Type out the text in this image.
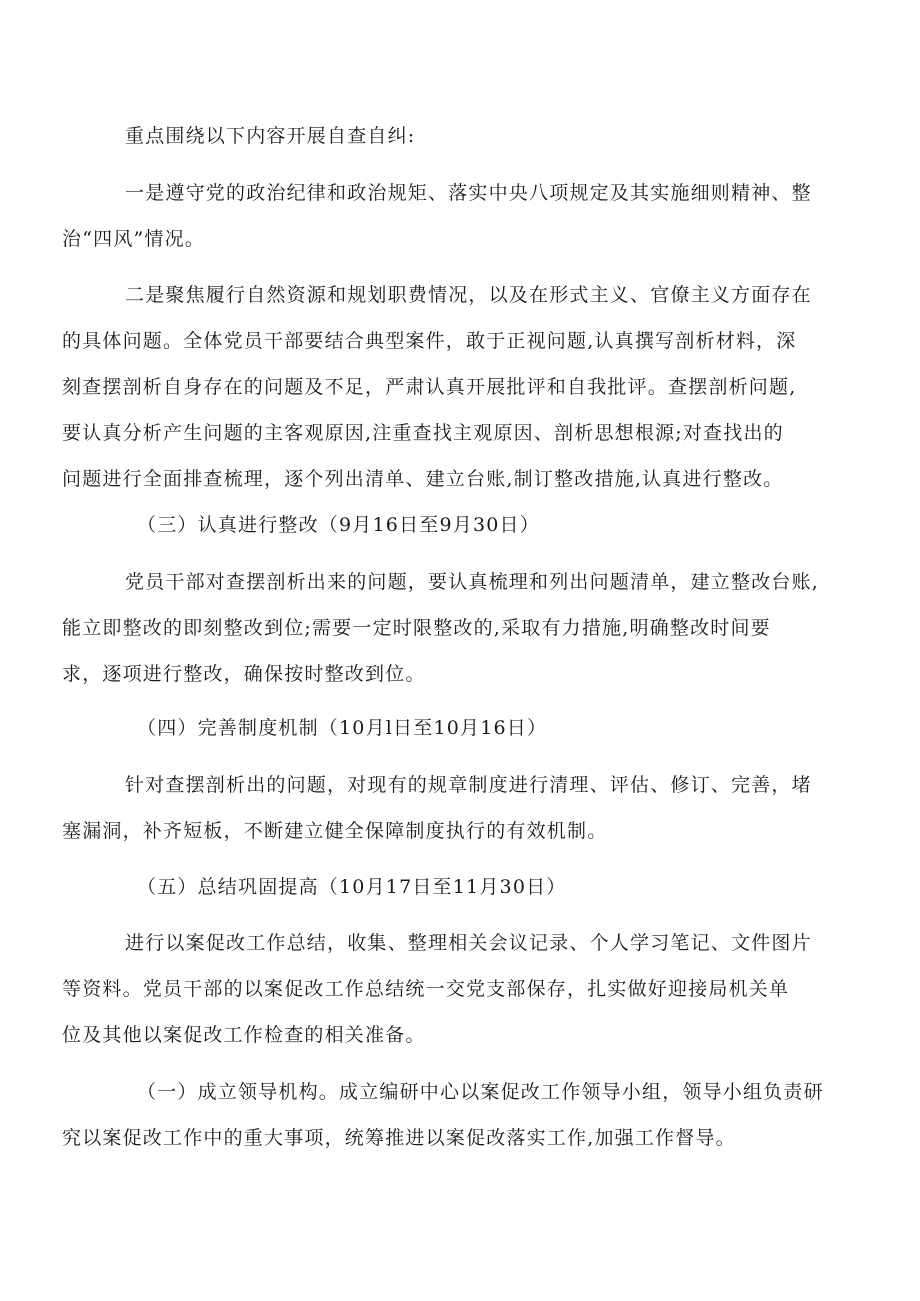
重点围绕以下内容开展自查自纠:

一是遵守党的政治纪律和政治规矩、落实中央八项规定及其实施细则精神、整

治“四风”情况。

二是聚焦履行自然资源和规划职费情况，以及在形式主义、官僚主义方面存在

的具体问题。全体党员干部要结合典型案件，敢于正视问题,认真撰写剖析材料，深

刻查摆剖析自身存在的问题及不足，严肃认真开展批评和自我批评。查摆剖析问题,

要认真分析产生问题的主客观原因,注重查找主观原因、剖析思想根源;对查找出的

问题进行全面排查梳理，逐个列出清单、建立台账,制订整改措施,认真进行整改。

（三）认真进行整改（9月16日至9月30日）

党员干部对查摆剖析出来的问题，要认真梳理和列出问题清单，建立整改台账,

能立即整改的即刻整改到位;需要一定时限整改的,采取有力措施,明确整改时间要

求，逐项进行整改，确保按时整改到位。

（四）完善制度机制（10月l日至10月16日）

针对查摆剖析出的问题，对现有的规章制度进行清理、评估、修订、完善，堵

塞漏洞，补齐短板，不断建立健全保障制度执行的有效机制。

（五）总结巩固提高（10月17日至11月30日）

进行以案促改工作总结，收集、整理相关会议记录、个人学习笔记、文件图片

等资料。党员干部的以案促改工作总结统一交党支部保存，扎实做好迎接局机关单

位及其他以案促改工作检查的相关准备。

（一）成立领导机构。成立编研中心以案促改工作领导小组，领导小组负责研

究以案促改工作中的重大事项，统筹推进以案促改落实工作,加强工作督导。
